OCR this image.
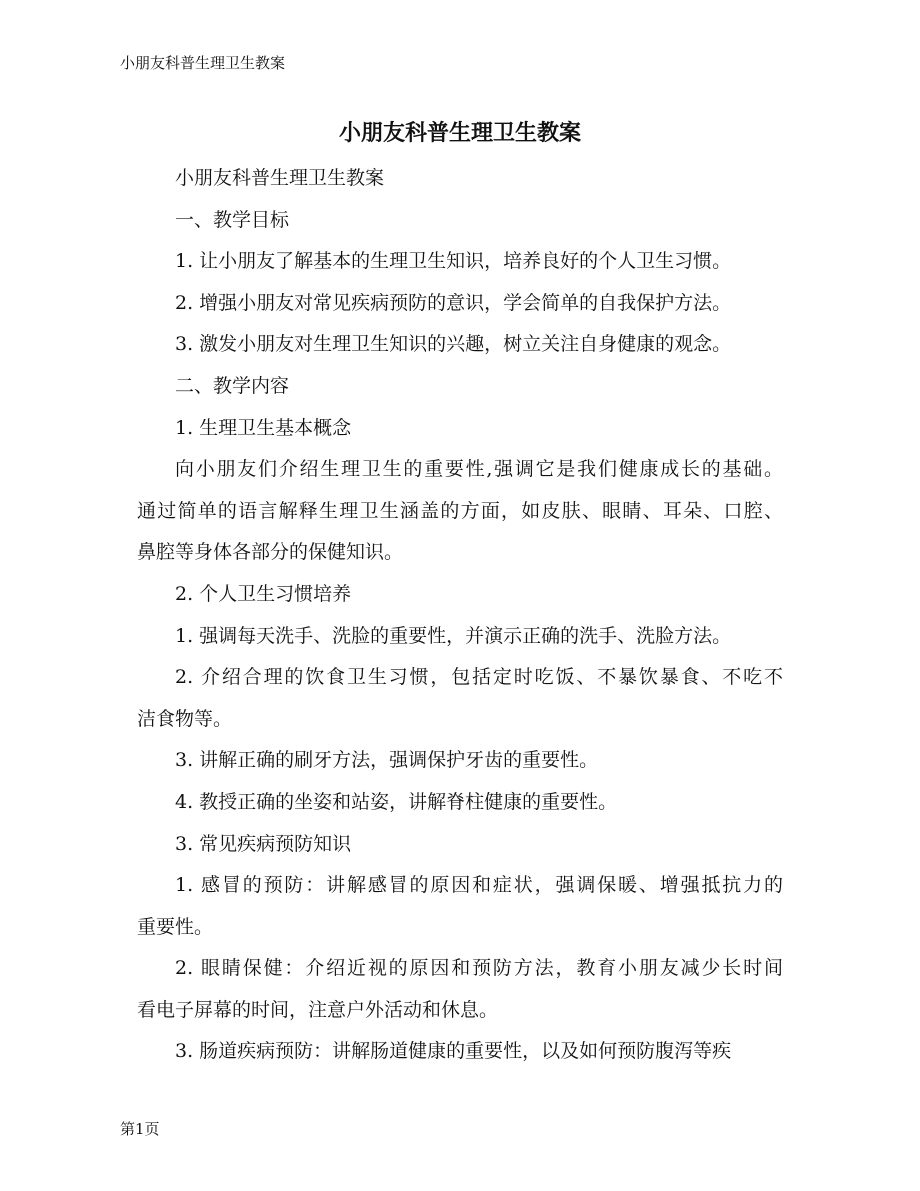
小朋友科普生理卫生教案
小朋友科普生理卫生教案
小朋友科普生理卫生教案
一、教学目标
1. 让小朋友了解基本的生理卫生知识，培养良好的个人卫生习惯。
2. 增强小朋友对常见疾病预防的意识，学会简单的自我保护方法。
3. 激发小朋友对生理卫生知识的兴趣，树立关注自身健康的观念。
二、教学内容
1. 生理卫生基本概念
向小朋友们介绍生理卫生的重要性,强调它是我们健康成长的基础。
通过简单的语言解释生理卫生涵盖的方面，如皮肤、眼睛、耳朵、口腔、
鼻腔等身体各部分的保健知识。
2. 个人卫生习惯培养
1. 强调每天洗手、洗脸的重要性，并演示正确的洗手、洗脸方法。
2. 介绍合理的饮食卫生习惯，包括定时吃饭、不暴饮暴食、不吃不
洁食物等。
3. 讲解正确的刷牙方法，强调保护牙齿的重要性。
4. 教授正确的坐姿和站姿，讲解脊柱健康的重要性。
3. 常见疾病预防知识
1. 感冒的预防：讲解感冒的原因和症状，强调保暖、增强抵抗力的
重要性。
2. 眼睛保健：介绍近视的原因和预防方法，教育小朋友减少长时间
看电子屏幕的时间，注意户外活动和休息。
3. 肠道疾病预防：讲解肠道健康的重要性，以及如何预防腹泻等疾
第1页
